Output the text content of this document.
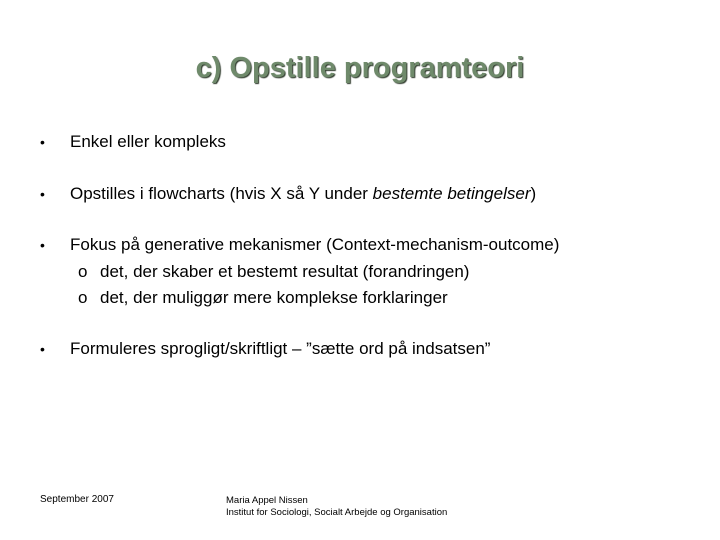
c) Opstille programteori
• Enkel eller kompleks
• Opstilles i flowcharts (hvis X så Y under bestemte betingelser)
• Fokus på generative mekanismer (Context-mechanism-outcome)
o det, der skaber et bestemt resultat (forandringen)
o det, der muliggør mere komplekse forklaringer
• Formuleres sprogligt/skriftligt – ”sætte ord på indsatsen”
September 2007	Maria Appel Nissen
Institut for Sociologi, Socialt Arbejde og Organisation
